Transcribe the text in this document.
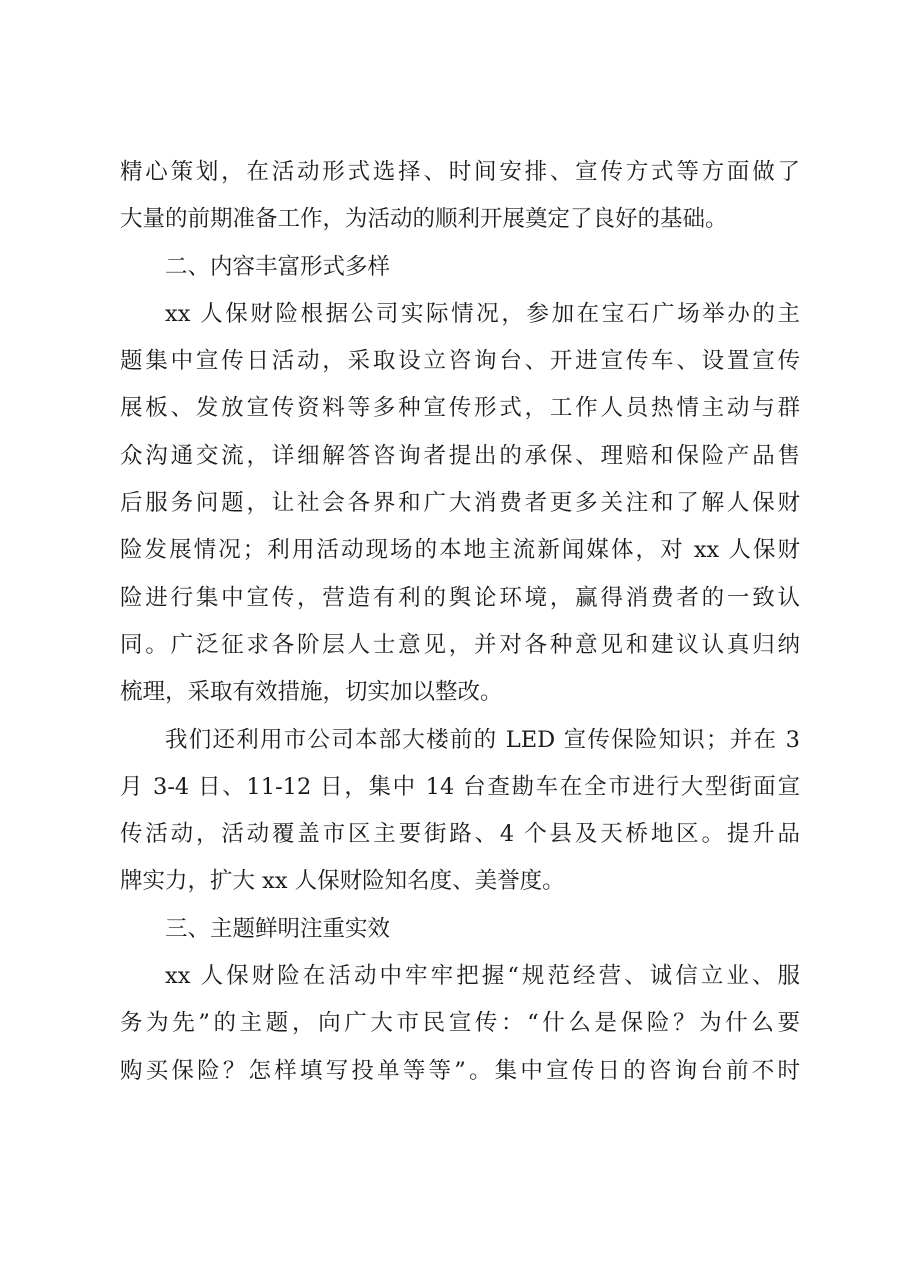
精心策划，在活动形式选择、时间安排、宣传方式等方面做了
大量的前期准备工作，为活动的顺利开展奠定了良好的基础。
二、内容丰富形式多样
xx 人保财险根据公司实际情况，参加在宝石广场举办的主
题集中宣传日活动，采取设立咨询台、开进宣传车、设置宣传
展板、发放宣传资料等多种宣传形式，工作人员热情主动与群
众沟通交流，详细解答咨询者提出的承保、理赔和保险产品售
后服务问题，让社会各界和广大消费者更多关注和了解人保财
险发展情况；利用活动现场的本地主流新闻媒体，对 xx 人保财
险进行集中宣传，营造有利的舆论环境，赢得消费者的一致认
同。广泛征求各阶层人士意见，并对各种意见和建议认真归纳
梳理，采取有效措施，切实加以整改。
我们还利用市公司本部大楼前的 LED 宣传保险知识；并在 3
月 3-4 日、11-12 日，集中 14 台查勘车在全市进行大型街面宣
传活动，活动覆盖市区主要街路、4 个县及天桥地区。提升品
牌实力，扩大 xx 人保财险知名度、美誉度。
三、主题鲜明注重实效
xx 人保财险在活动中牢牢把握“规范经营、诚信立业、服
务为先”的主题，向广大市民宣传：“什么是保险？为什么要
购买保险？怎样填写投单等等”。集中宣传日的咨询台前不时
